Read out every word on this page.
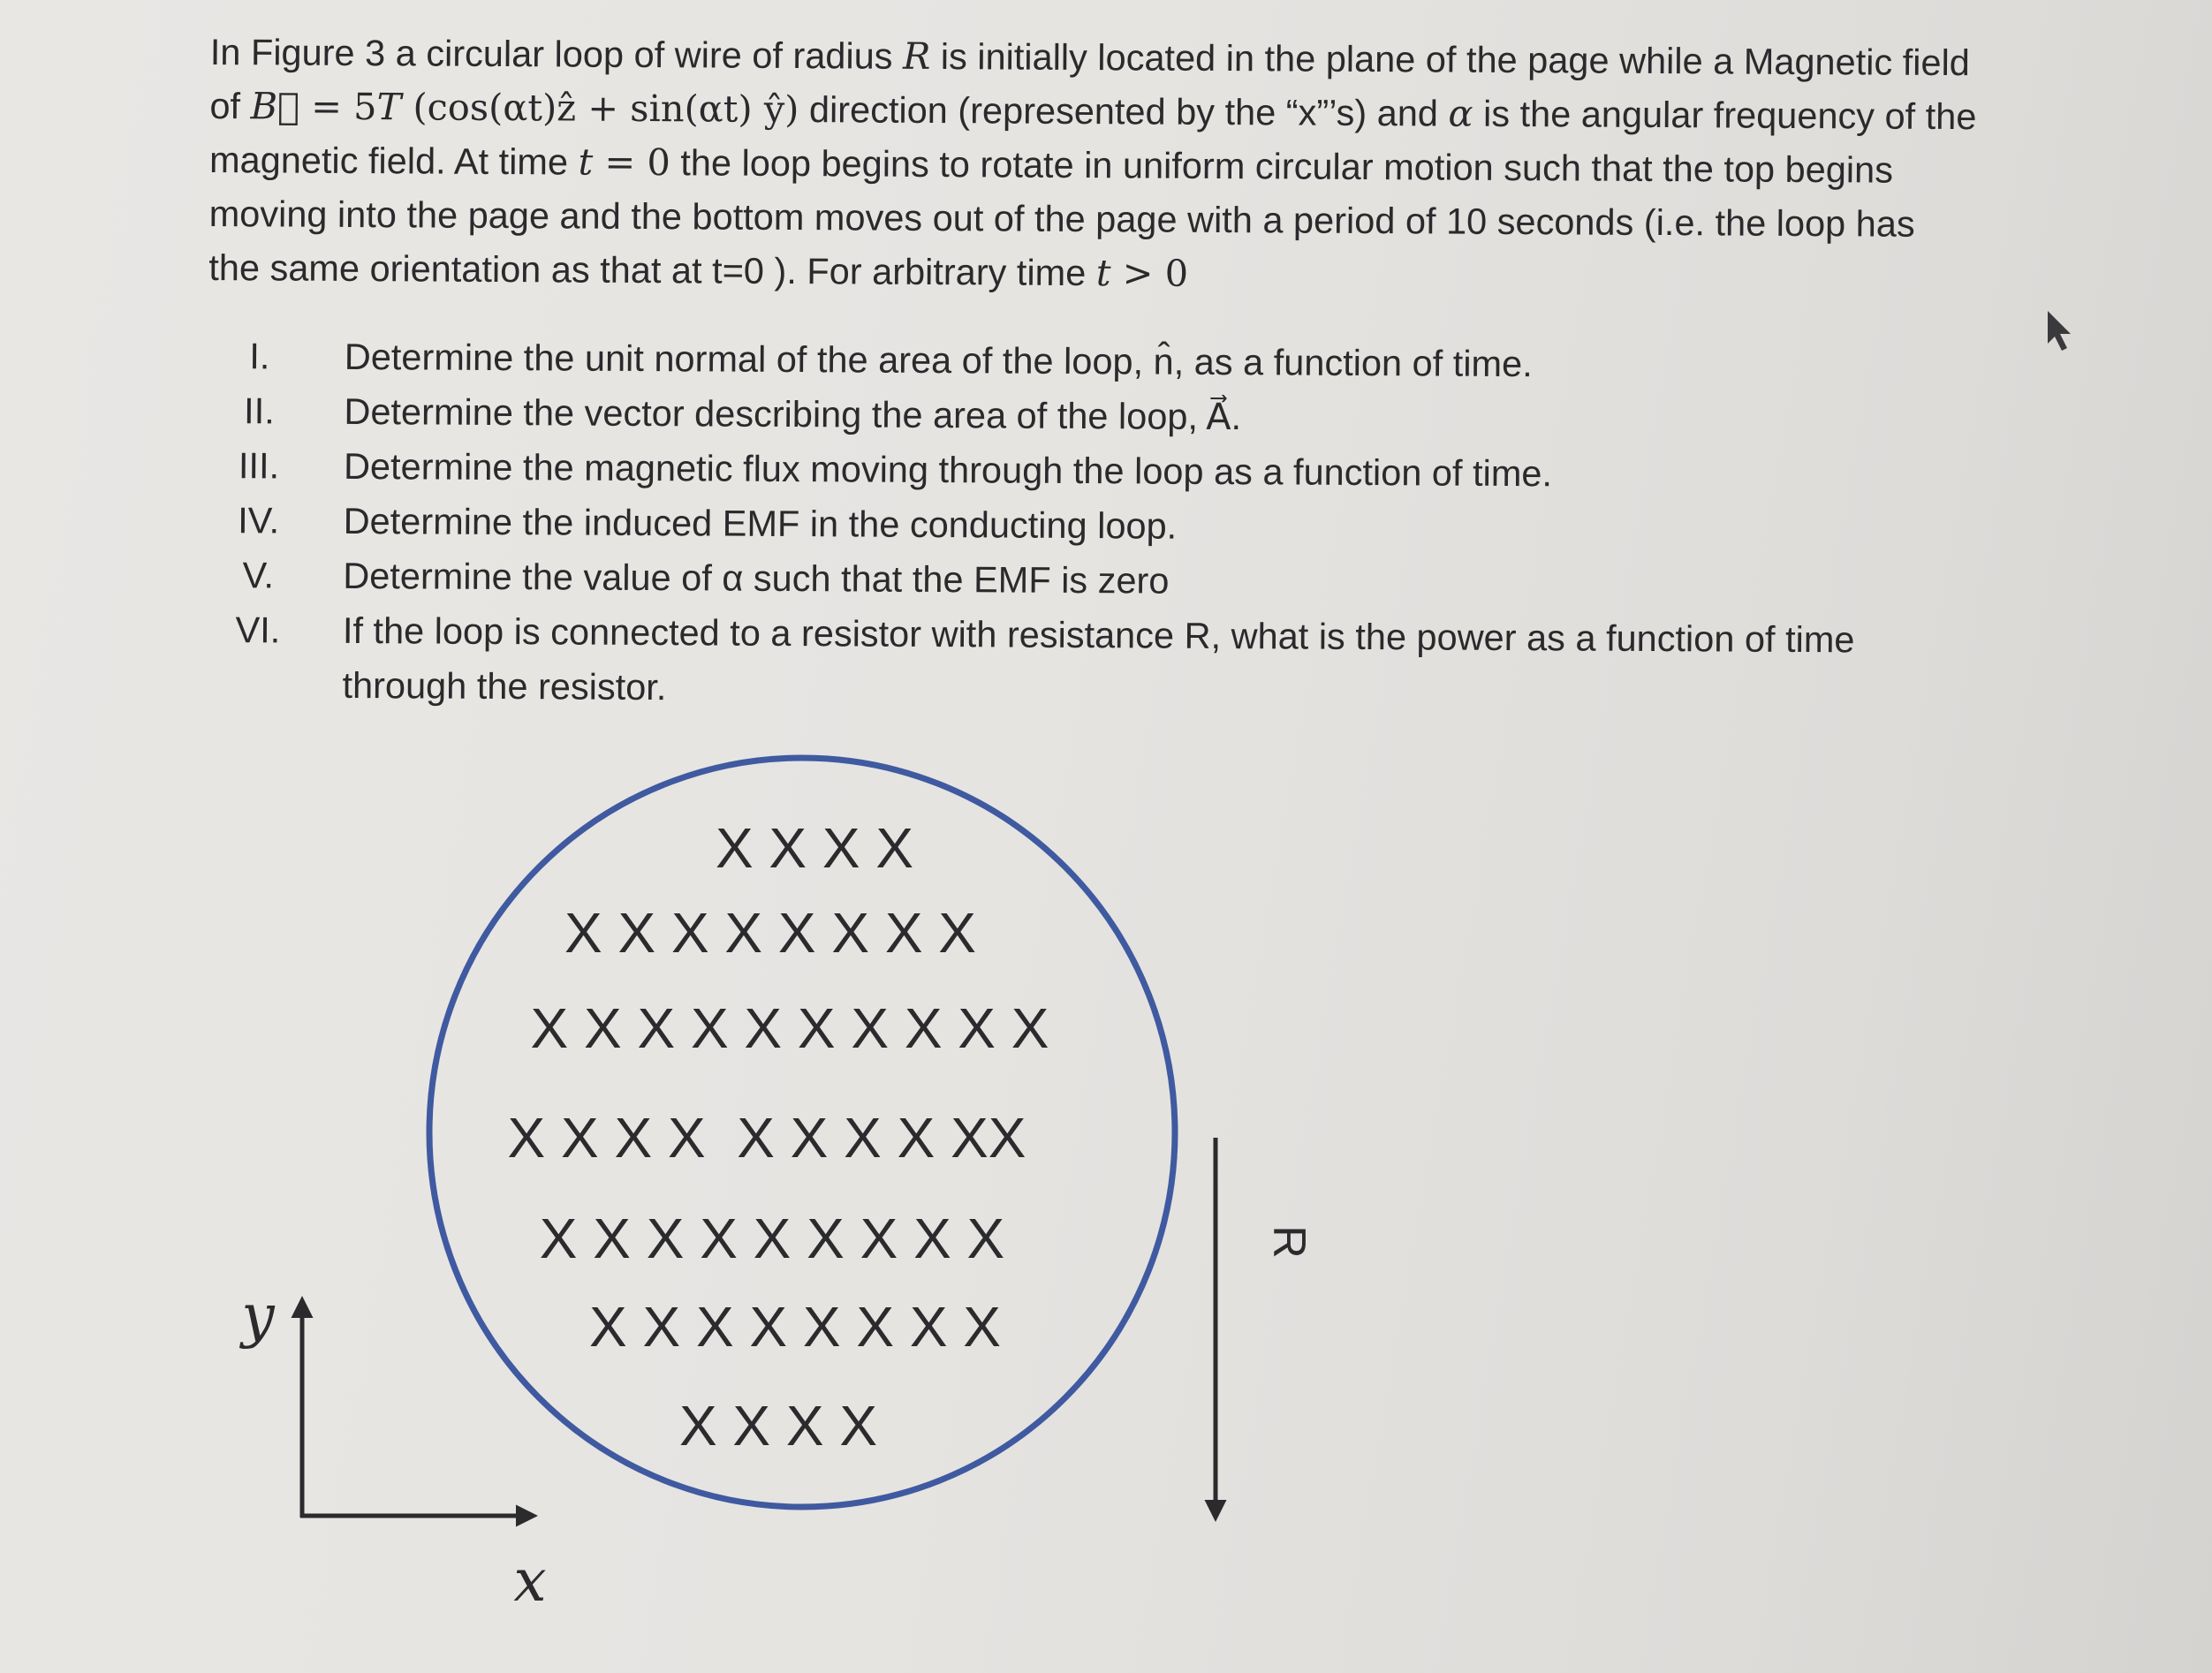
In Figure 3 a circular loop of wire of radius R is initially located in the plane of the page while a Magnetic field of B⃗ = 5T (cos(αt)ẑ + sin(αt) ŷ) direction (represented by the “x”’s) and α is the angular frequency of the magnetic field. At time t = 0 the loop begins to rotate in uniform circular motion such that the top begins moving into the page and the bottom moves out of the page with a period of 10 seconds (i.e. the loop has the same orientation as that at t=0 ). For arbitrary time t > 0

I.	Determine the unit normal of the area of the loop, n̂, as a function of time.
II.	Determine the vector describing the area of the loop, A⃗.
III.	Determine the magnetic flux moving through the loop as a function of time.
IV.	Determine the induced EMF in the conducting loop.
V.	Determine the value of α such that the EMF is zero
VI.	If the loop is connected to a resistor with resistance R, what is the power as a function of time through the resistor.
X X X X
X X X X X X X X
X X X X X X X X X X
X X X X  X X X X XX
X X X X X X X X X
X X X X X X X X
X X X X
R
y
x
